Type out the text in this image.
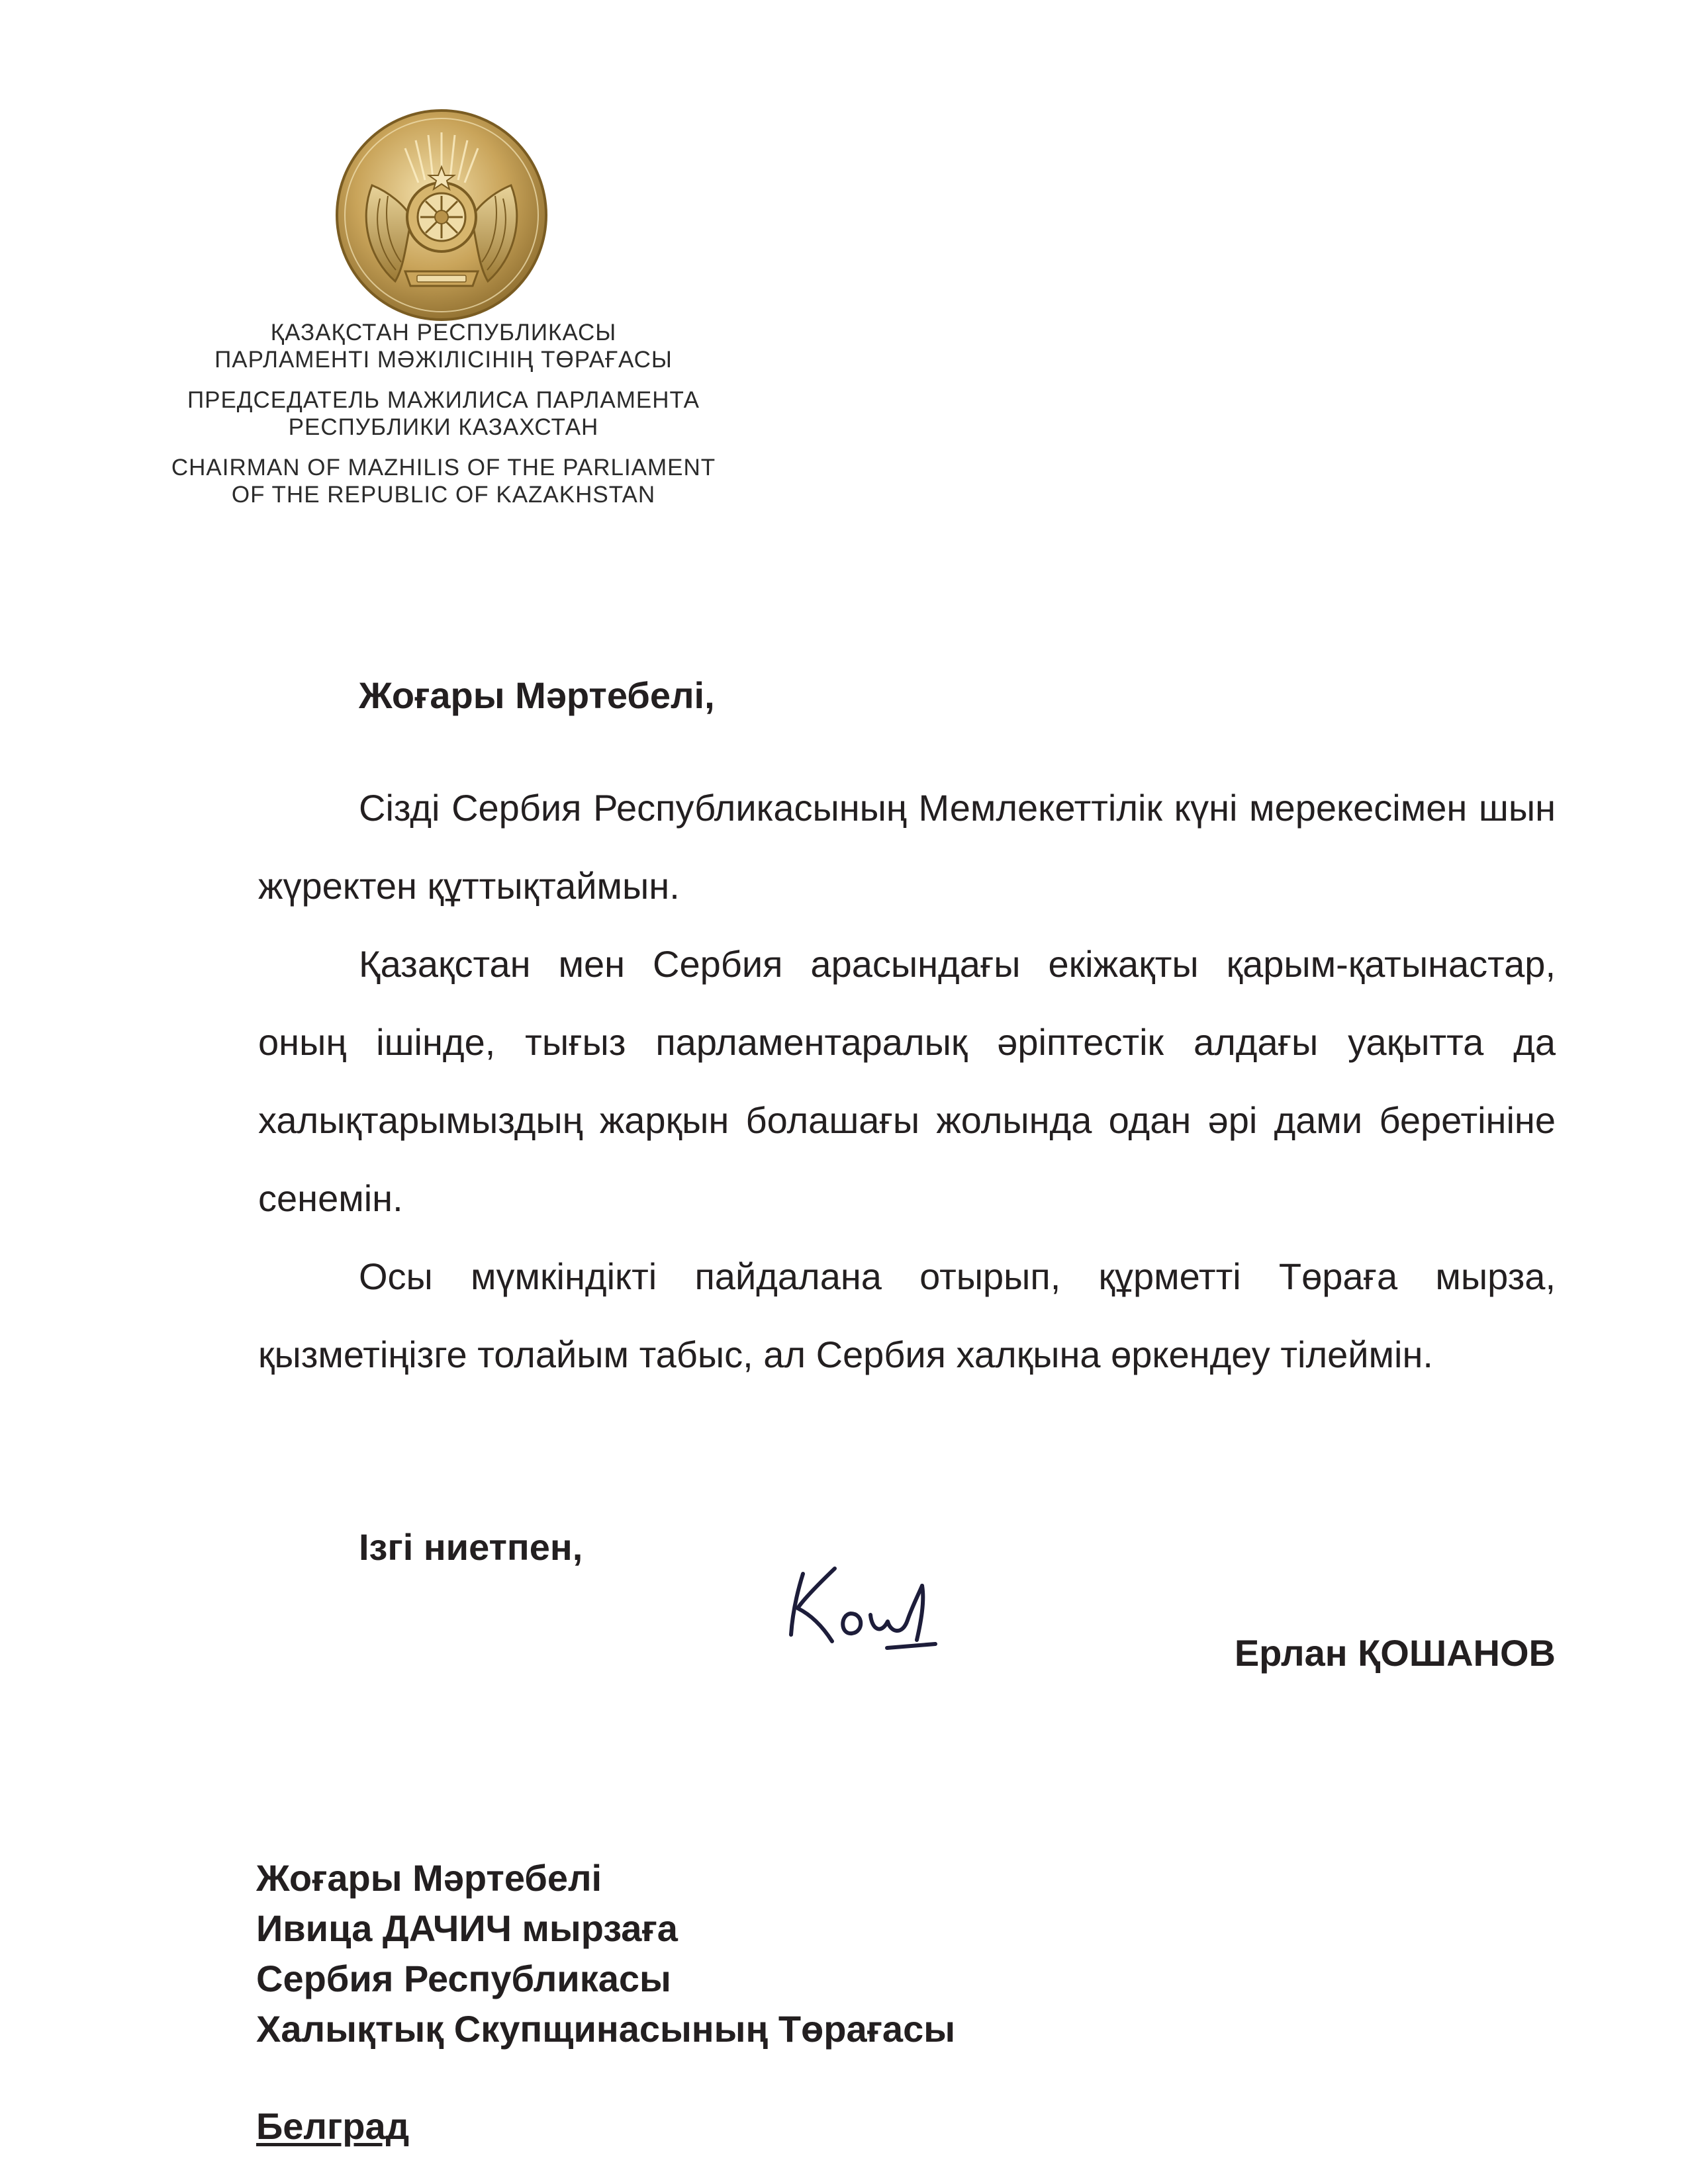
ҚАЗАҚСТАН РЕСПУБЛИКАСЫ
ПАРЛАМЕНТІ МӘЖІЛІСІНІҢ ТӨРАҒАСЫ
ПРЕДСЕДАТЕЛЬ МАЖИЛИСА ПАРЛАМЕНТА
РЕСПУБЛИКИ КАЗАХСТАН
CHAIRMAN OF MAZHILIS OF THE PARLIAMENT
OF THE REPUBLIC OF KAZAKHSTAN
Жоғары Мәртебелі,

Сізді Сербия Республикасының Мемлекеттілік күні мерекесімен шын жүректен құттықтаймын.

Қазақстан мен Сербия арасындағы екіжақты қарым-қатынастар, оның ішінде, тығыз парламентаралық әріптестік алдағы уақытта да халықтарымыздың жарқын болашағы жолында одан әрі дами беретініне сенемін.

Осы мүмкіндікті пайдалана отырып, құрметті Төраға мырза, қызметіңізге толайым табыс, ал Сербия халқына өркендеу тілеймін.

Ізгі ниетпен,
Ерлан ҚОШАНОВ
Жоғары Мәртебелі
Ивица ДАЧИЧ мырзаға
Сербия Республикасы
Халықтық Скупщинасының Төрағасы
Белград
